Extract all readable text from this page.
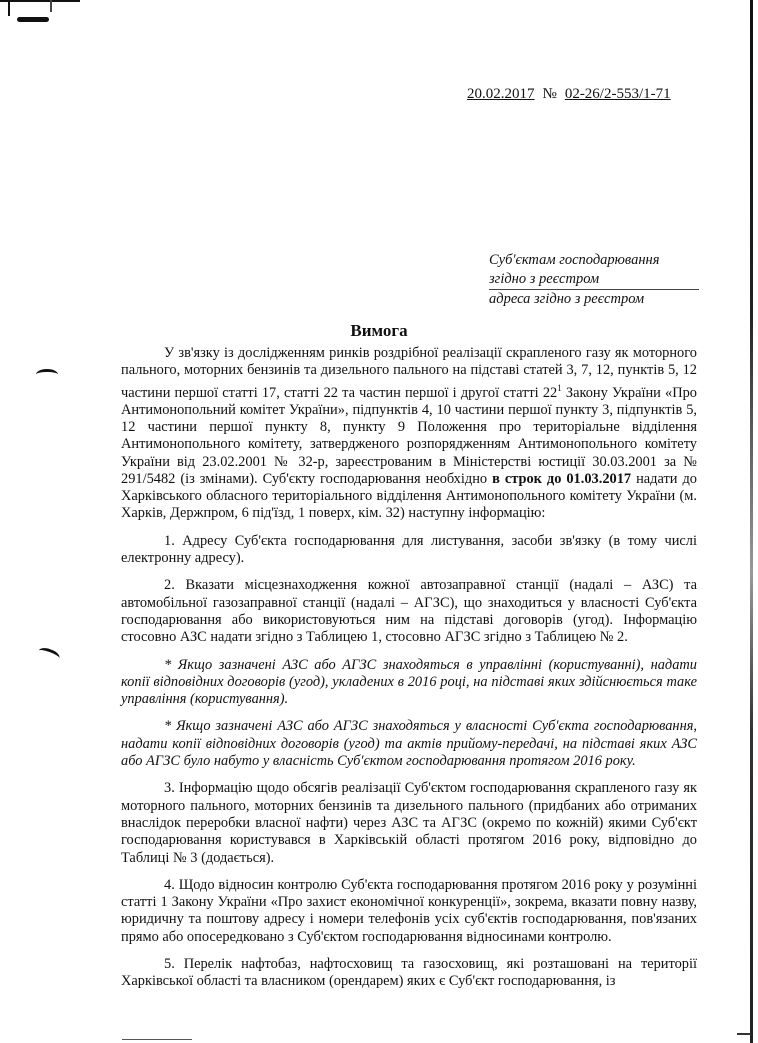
20.02.2017 № 02-26/2-553/1-71
Суб'єктам господарювання
згідно з реєстром
адреса згідно з реєстром
Вимога

У зв'язку із дослідженням ринків роздрібної реалізації скрапленого газу як моторного пального, моторних бензинів та дизельного пального на підставі статей 3, 7, 12, пунктів 5, 12 частини першої статті 17, статті 22 та частин першої і другої статті $22^1$ Закону України «Про Антимонопольний комітет України», підпунктів 4, 10 частини першої пункту 3, підпунктів 5, 12 частини першої пункту 8, пункту 9 Положення про територіальне відділення Антимонопольного комітету, затвердженого розпорядженням Антимонопольного комітету України від 23.02.2001 № 32-р, зареєстрованим в Міністерстві юстиції 30.03.2001 за № 291/5482 (із змінами). Суб'єкту господарювання необхідно в строк до 01.03.2017 надати до Харківського обласного територіального відділення Антимонопольного комітету України (м. Харків, Держпром, 6 під'їзд, 1 поверх, кім. 32) наступну інформацію:

1. Адресу Суб'єкта господарювання для листування, засоби зв'язку (в тому числі електронну адресу).

2. Вказати місцезнаходження кожної автозаправної станції (надалі – АЗС) та автомобільної газозаправної станції (надалі – АГЗС), що знаходиться у власності Суб'єкта господарювання або використовуються ним на підставі договорів (угод). Інформацію стосовно АЗС надати згідно з Таблицею 1, стосовно АГЗС згідно з Таблицею № 2.

* Якщо зазначені АЗС або АГЗС знаходяться в управлінні (користуванні), надати копії відповідних договорів (угод), укладених в 2016 році, на підставі яких здійснюється таке управління (користування).

* Якщо зазначені АЗС або АГЗС знаходяться у власності Суб'єкта господарювання, надати копії відповідних договорів (угод) та актів прийому-передачі, на підставі яких АЗС або АГЗС було набуто у власність Суб'єктом господарювання протягом 2016 року.

3. Інформацію щодо обсягів реалізації Суб'єктом господарювання скрапленого газу як моторного пального, моторних бензинів та дизельного пального (придбаних або отриманих внаслідок переробки власної нафти) через АЗС та АГЗС (окремо по кожній) якими Суб'єкт господарювання користувався в Харківській області протягом 2016 року, відповідно до Таблиці № 3 (додається).

4. Щодо відносин контролю Суб'єкта господарювання протягом 2016 року у розумінні статті 1 Закону України «Про захист економічної конкуренції», зокрема, вказати повну назву, юридичну та поштову адресу і номери телефонів усіх суб'єктів господарювання, пов'язаних прямо або опосередковано з Суб'єктом господарювання відносинами контролю.

5. Перелік нафтобаз, нафтосховищ та газосховищ, які розташовані на території Харківської області та власником (орендарем) яких є Суб'єкт господарювання, із
